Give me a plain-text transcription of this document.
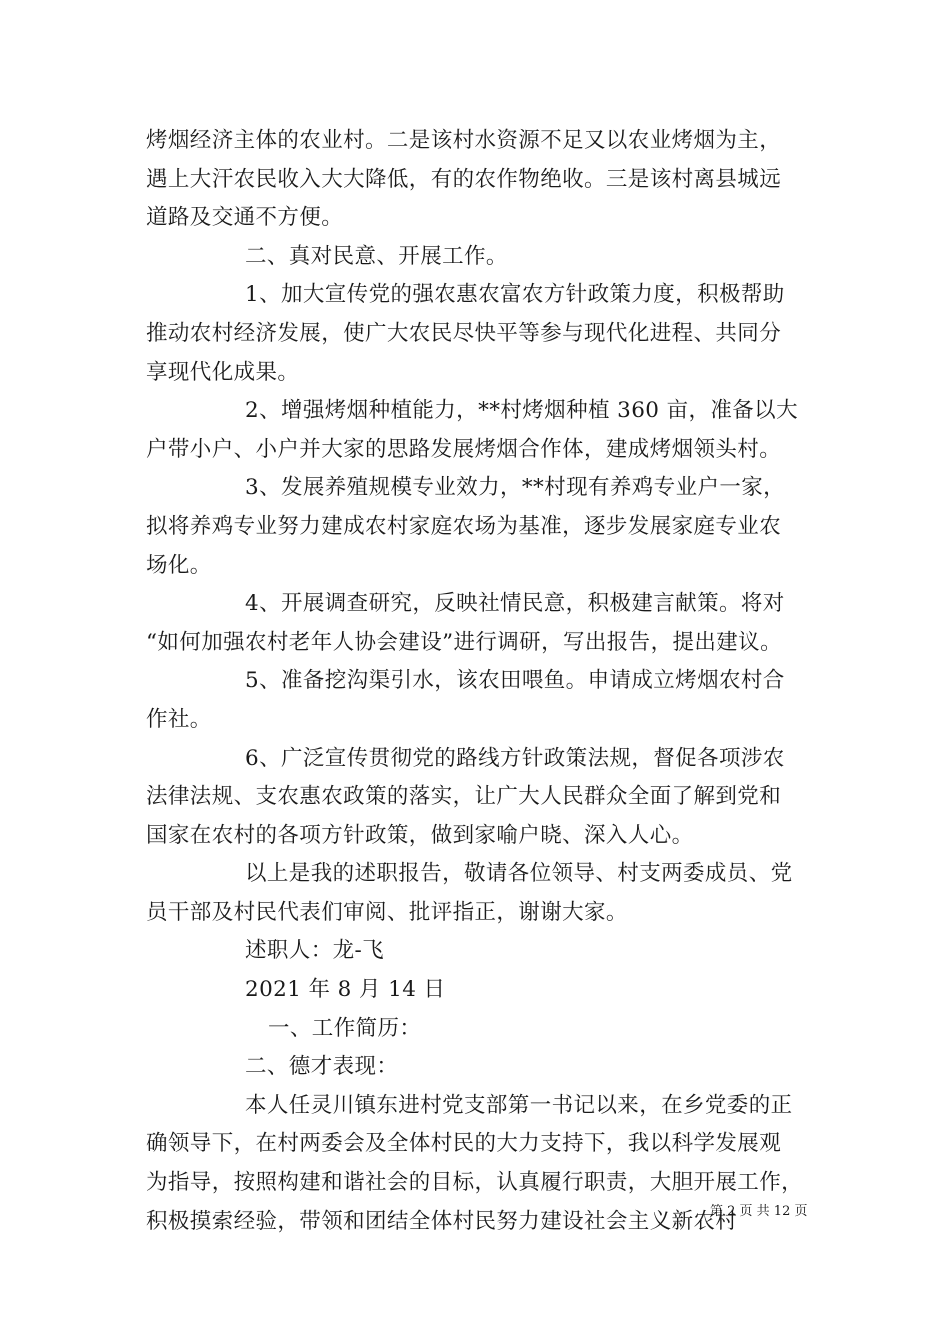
烤烟经济主体的农业村。二是该村水资源不足又以农业烤烟为主，
遇上大汗农民收入大大降低，有的农作物绝收。三是该村离县城远
道路及交通不方便。
二、真对民意、开展工作。
1、加大宣传党的强农惠农富农方针政策力度，积极帮助
推动农村经济发展，使广大农民尽快平等参与现代化进程、共同分
享现代化成果。
2、增强烤烟种植能力，**村烤烟种植 360 亩，准备以大
户带小户、小户并大家的思路发展烤烟合作体，建成烤烟领头村。
3、发展养殖规模专业效力，**村现有养鸡专业户一家，
拟将养鸡专业努力建成农村家庭农场为基准，逐步发展家庭专业农
场化。
4、开展调查研究，反映社情民意，积极建言献策。将对
“如何加强农村老年人协会建设”进行调研，写出报告，提出建议。
5、准备挖沟渠引水，该农田喂鱼。申请成立烤烟农村合
作社。
6、广泛宣传贯彻党的路线方针政策法规，督促各项涉农
法律法规、支农惠农政策的落实，让广大人民群众全面了解到党和
国家在农村的各项方针政策，做到家喻户晓、深入人心。
以上是我的述职报告，敬请各位领导、村支两委成员、党
员干部及村民代表们审阅、批评指正，谢谢大家。
述职人：龙-飞
2021 年 8 月 14 日
一、工作简历：
二、德才表现：
本人任灵川镇东进村党支部第一书记以来，在乡党委的正
确领导下，在村两委会及全体村民的大力支持下，我以科学发展观
为指导，按照构建和谐社会的目标，认真履行职责，大胆开展工作，
积极摸索经验，带领和团结全体村民努力建设社会主义新农村
第 2 页 共 12 页
